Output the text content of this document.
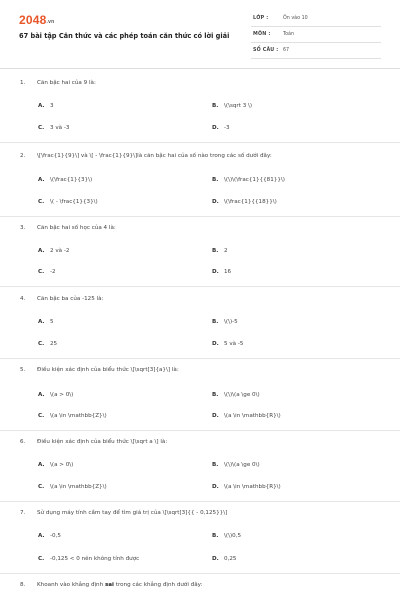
2048.vn
67 bài tập Căn thức và các phép toán căn thức có lời giải
LỚP :	Ôn vào 10
MÔN :	Toán
SỐ CÂU : 67
1. Căn bậc hai của 9 là:
A. 3	B. \(\sqrt 3 \)
C. 3 và -3	D. -3
2. \[\frac{1}{9}\] và \[ - \frac{1}{9}\]là căn bậc hai của số nào trong các số dưới đây:
A. \(\frac{1}{3}\)	B. \(\)\(\frac{1}{{81}}\)
C. \( - \frac{1}{3}\)	D. \(\frac{1}{{18}}\)
3. Căn bậc hai số học của 4 là:
A. 2 và -2	B. 2
C. -2	D. 16
4. Căn bậc ba của -125 là:
A. 5	B. \(\)-5
C. 25	D. 5 và -5
5. Điều kiện xác định của biểu thức \[\sqrt[3]{a}\] là:
A. \(a > 0\)	B. \(\)\(a \ge 0\)
C. \(a \in \mathbb{Z}\)	D. \(a \in \mathbb{R}\)
6. Điều kiện xác định của biểu thức \[\sqrt a \] là:
A. \(a > 0\)	B. \(\)\(a \ge 0\)
C. \(a \in \mathbb{Z}\)	D. \(a \in \mathbb{R}\)
7. Sử dụng máy tính cầm tay để tìm giá trị của \[\sqrt[3]{{ - 0,125}}\]
A. -0,5	B. \(\)0,5
C. -0,125 < 0 nên không tính được	D. 0,25
8. Khoanh vào khẳng định sai trong các khẳng định dưới đây:
